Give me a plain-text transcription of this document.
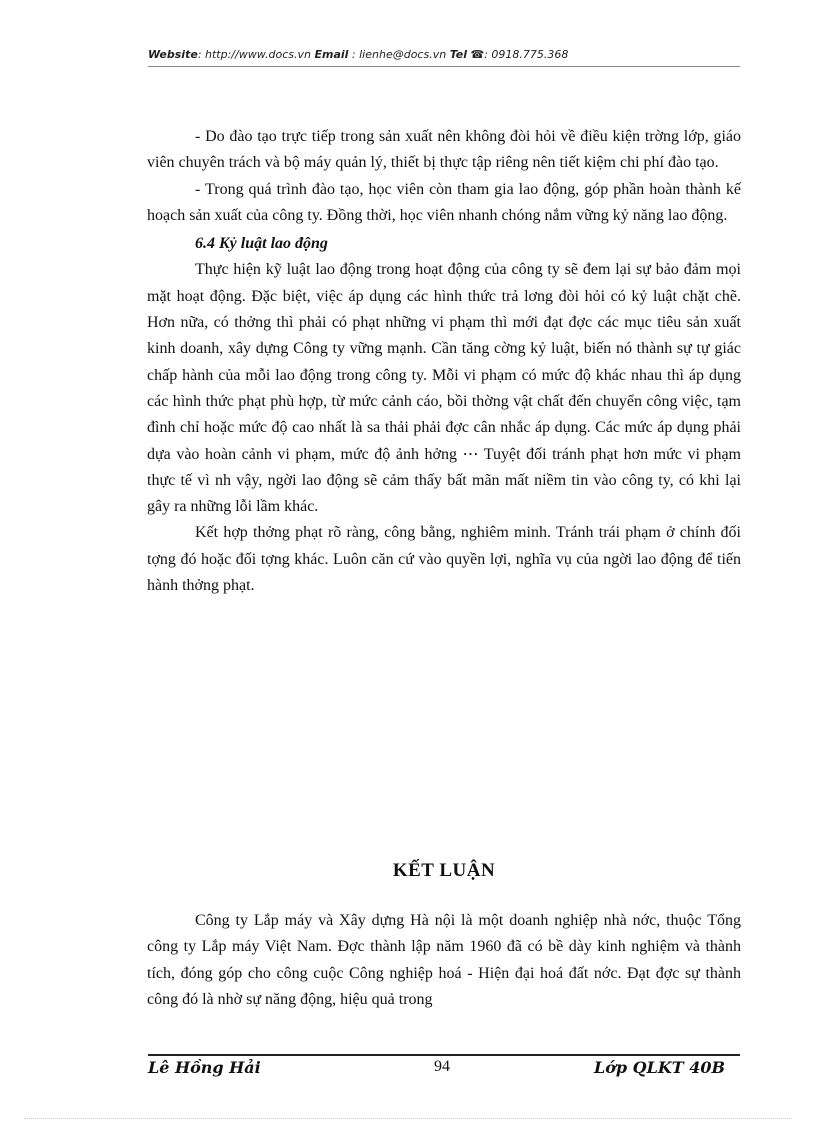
Website: http://www.docs.vn Email : lienhe@docs.vn Tel ☎: 0918.775.368

- Do đào tạo trực tiếp trong sản xuất nên không đòi hỏi về điều kiện trờng lớp, giáo viên chuyên trách và bộ máy quản lý, thiết bị thực tập riêng nên tiết kiệm chi phí đào tạo.

- Trong quá trình đào tạo, học viên còn tham gia lao động, góp phần hoàn thành kế hoạch sản xuất của công ty. Đồng thời, học viên nhanh chóng nắm vững kỷ năng lao động.

6.4 Kỷ luật lao động

Thực hiện kỹ luật lao động trong hoạt động của công ty sẽ đem lại sự bảo đảm mọi mặt hoạt động. Đặc biệt, việc áp dụng các hình thức trả lơng đòi hỏi có kỷ luật chặt chẽ. Hơn nữa, có thởng thì phải có phạt những vi phạm thì mới đạt đợc các mục tiêu sản xuất kinh doanh, xây dựng Công ty vững mạnh. Cần tăng cờng kỷ luật, biến nó thành sự tự giác chấp hành của mỗi lao động trong công ty. Mỗi vi phạm có mức độ khác nhau thì áp dụng các hình thức phạt phù hợp, từ mức cảnh cáo, bồi thờng vật chất đến chuyển công việc, tạm đình chỉ hoặc mức độ cao nhất là sa thải phải đợc cân nhắc áp dụng. Các mức áp dụng phải dựa vào hoàn cảnh vi phạm, mức độ ảnh hởng ⋯ Tuyệt đối tránh phạt hơn mức vi phạm thực tế vì nh vậy, ngời lao động sẽ cảm thấy bất mãn mất niềm tin vào công ty, có khi lại gây ra những lỗi lầm khác.

Kết hợp thởng phạt rõ ràng, công bằng, nghiêm minh. Tránh trái phạm ở chính đối tợng đó hoặc đối tợng khác. Luôn căn cứ vào quyền lợi, nghĩa vụ của ngời lao động để tiến hành thởng phạt.

KẾT LUẬN

Công ty Lắp máy và Xây dựng Hà nội là một doanh nghiệp nhà nớc, thuộc Tổng công ty Lắp máy Việt Nam. Đợc thành lập năm 1960 đã có bề dày kinh nghiệm và thành tích, đóng góp cho công cuộc Công nghiệp hoá - Hiện đại hoá đất nớc. Đạt đợc sự thành công đó là nhờ sự năng động, hiệu quả trong

Lê Hồng Hải	94	Lớp QLKT 40B
